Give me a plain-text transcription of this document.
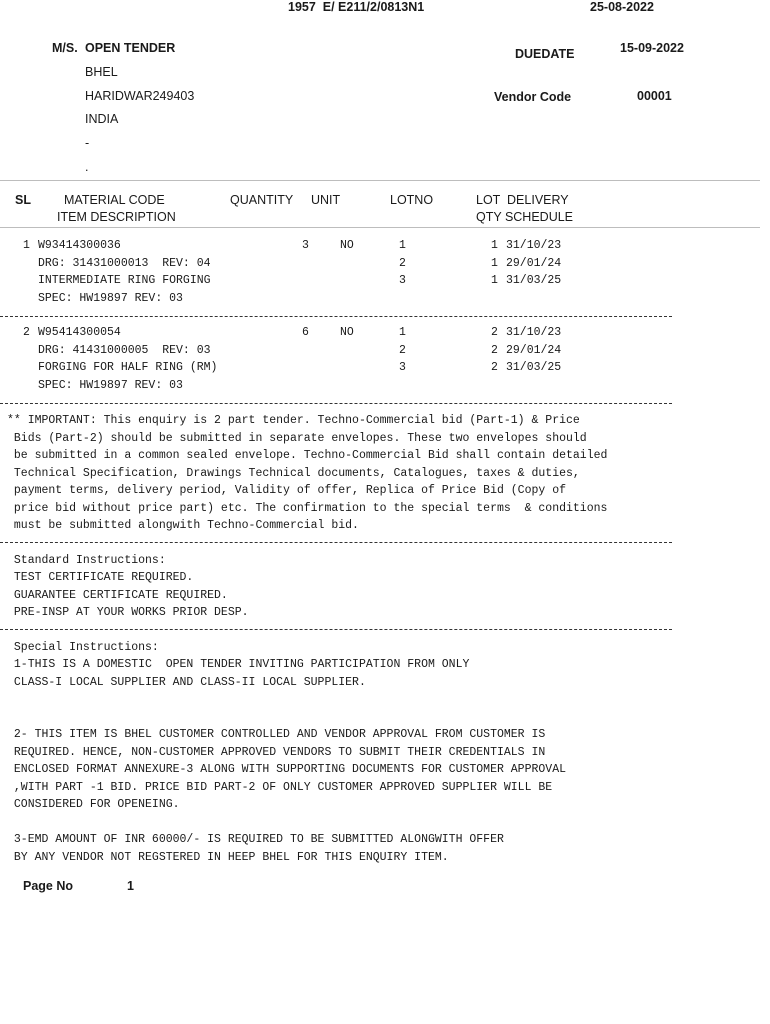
1957  E/ E211/2/0813N1	25-08-2022
M/S. OPEN TENDER
BHEL
HARIDWAR249403
INDIA
-
.
DUEDATE	15-09-2022
Vendor Code	00001
SL	MATERIAL CODE
ITEM DESCRIPTION
QUANTITY UNIT	LOTNO	LOT  DELIVERY
QTY SCHEDULE
1 W93414300036	3	NO
DRG: 31431000013  REV: 04
INTERMEDIATE RING FORGING
SPEC: HW19897 REV: 03
1	1 31/10/23
2	1 29/01/24
3	1 31/03/25
2 W95414300054	6	NO
DRG: 41431000005  REV: 03
FORGING FOR HALF RING (RM)
SPEC: HW19897 REV: 03
1	2 31/10/23
2	2 29/01/24
3	2 31/03/25
** IMPORTANT: This enquiry is 2 part tender. Techno-Commercial bid (Part-1) & Price
Bids (Part-2) should be submitted in separate envelopes. These two envelopes should
be submitted in a common sealed envelope. Techno-Commercial Bid shall contain detailed
Technical Specification, Drawings Technical documents, Catalogues, taxes & duties,
payment terms, delivery period, Validity of offer, Replica of Price Bid (Copy of
price bid without price part) etc. The confirmation to the special terms  & conditions
must be submitted alongwith Techno-Commercial bid.
Standard Instructions:
TEST CERTIFICATE REQUIRED.
GUARANTEE CERTIFICATE REQUIRED.
PRE-INSP AT YOUR WORKS PRIOR DESP.
Special Instructions:
1-THIS IS A DOMESTIC  OPEN TENDER INVITING PARTICIPATION FROM ONLY
CLASS-I LOCAL SUPPLIER AND CLASS-II LOCAL SUPPLIER.
2- THIS ITEM IS BHEL CUSTOMER CONTROLLED AND VENDOR APPROVAL FROM CUSTOMER IS
REQUIRED. HENCE, NON-CUSTOMER APPROVED VENDORS TO SUBMIT THEIR CREDENTIALS IN
ENCLOSED FORMAT ANNEXURE-3 ALONG WITH SUPPORTING DOCUMENTS FOR CUSTOMER APPROVAL
,WITH PART -1 BID. PRICE BID PART-2 OF ONLY CUSTOMER APPROVED SUPPLIER WILL BE
CONSIDERED FOR OPENEING.
3-EMD AMOUNT OF INR 60000/- IS REQUIRED TO BE SUBMITTED ALONGWITH OFFER
BY ANY VENDOR NOT REGSTERED IN HEEP BHEL FOR THIS ENQUIRY ITEM.
Page No	1
